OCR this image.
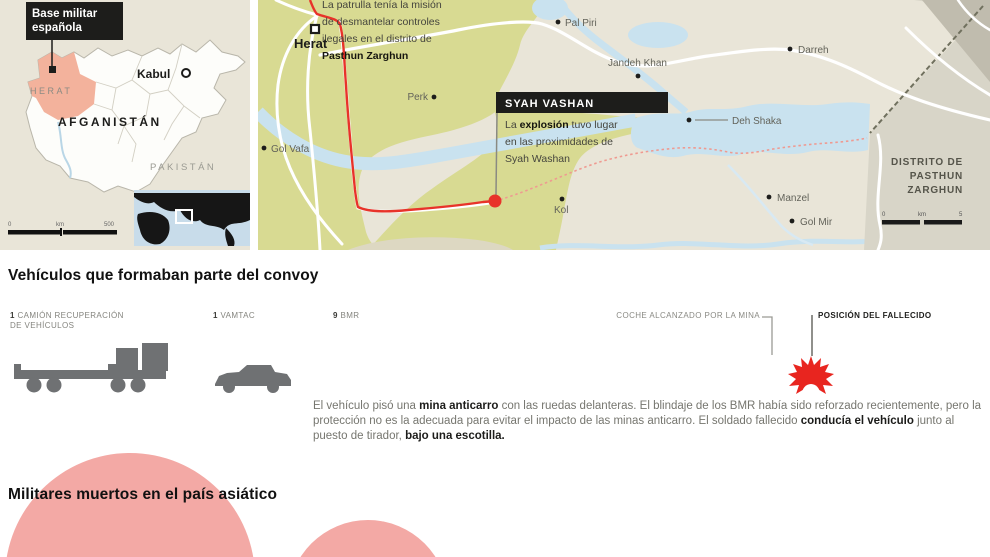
Base militar
española
Kabul
HERAT
AFGANISTÁN
PAKISTÁN
0	km	500
La patrulla tenía la misión
de desmantelar controles
ilegales en el distrito de
Pasthun Zarghun
SYAH VASHAN
La explosión tuvo lugar
en las proximidades de
Syah Washan
Pal Piri
Jandeh Khan
Darreh
Perk
Gol Vafa
Deh Shaka
Kol
Manzel
Gol Mir
Herat
DISTRITO DE
PASTHUN
ZARGHUN
0	km	5
Vehículos que formaban parte del convoy
1 CAMIÓN RECUPERACIÓN
DE VEHÍCULOS
1 VAMTAC	9 BMR	COCHE ALCANZADO POR LA MINA	POSICIÓN DEL FALLECIDO
El vehículo pisó una mina anticarro con las ruedas delanteras. El blindaje de los BMR había sido reforzado recientemente, pero la protección no es la adecuada para evitar el impacto de las minas anticarro. El soldado fallecido conducía el vehículo junto al puesto de tirador, bajo una escotilla.
Militares muertos en el país asiático
